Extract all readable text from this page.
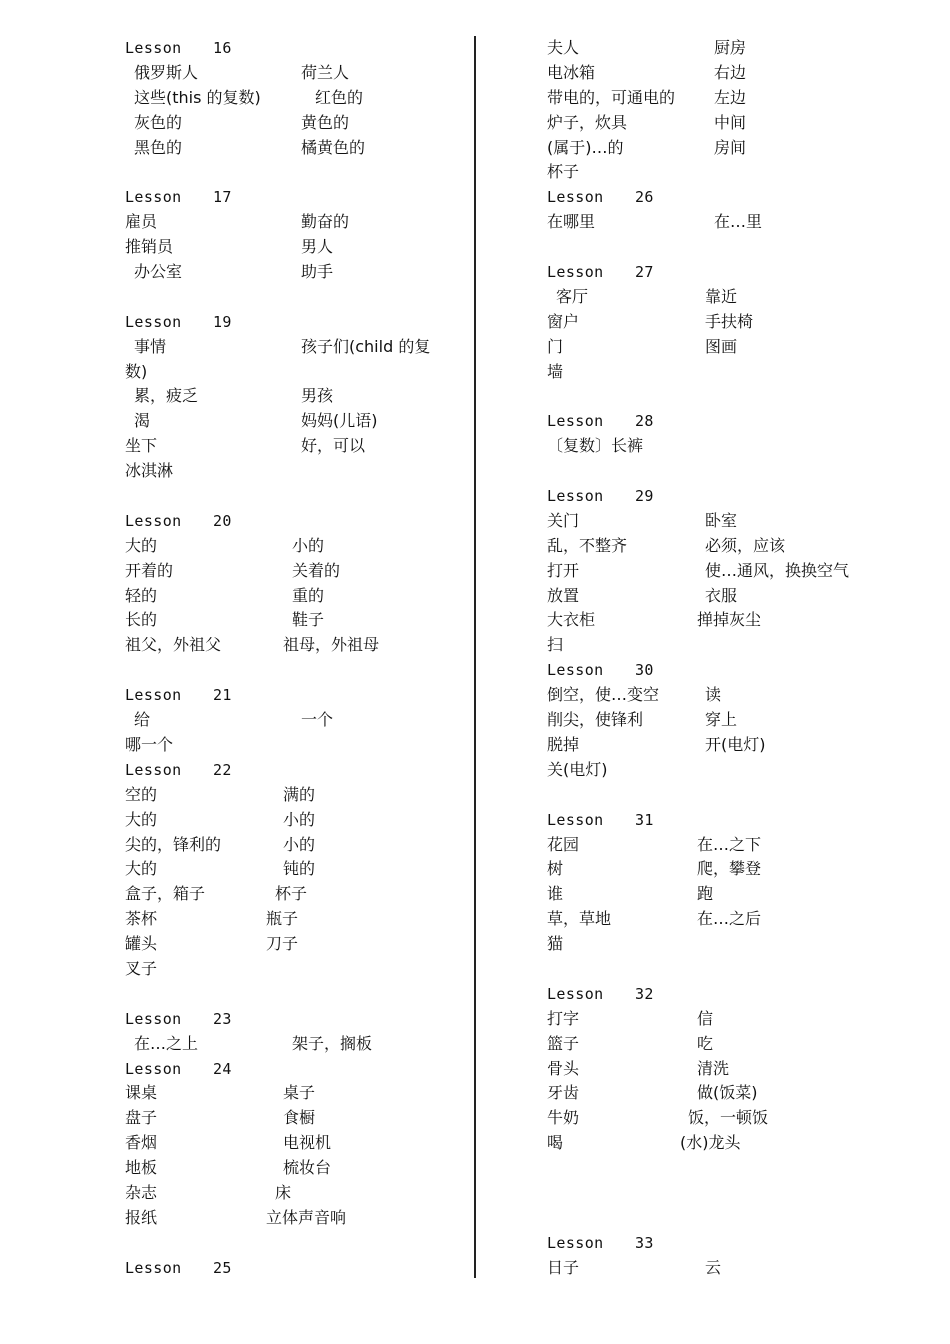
Lesson 16
俄罗斯人	荷兰人
这些(this 的复数)	红色的
灰色的	黄色的
黑色的	橘黄色的
Lesson 17
雇员	勤奋的
推销员	男人
办公室	助手
Lesson 19
事情	孩子们(child 的复
数)
累，疲乏	男孩
渴	妈妈(儿语)
坐下	好，可以
冰淇淋
Lesson 20
大的	小的
开着的	关着的
轻的	重的
长的	鞋子
祖父，外祖父	祖母，外祖母
Lesson 21
给	一个
哪一个
Lesson 22
空的	满的
大的	小的
尖的，锋利的	小的
大的	钝的
盒子，箱子	杯子
茶杯	瓶子
罐头	刀子
叉子
Lesson 23
在…之上	架子，搁板
Lesson 24
课桌	桌子
盘子	食橱
香烟	电视机
地板	梳妆台
杂志	床
报纸	立体声音响
Lesson 25
夫人	厨房
电冰箱	右边
带电的，可通电的 左边
炉子，炊具	中间
(属于)…的	房间
杯子
Lesson 26
在哪里	在…里
Lesson 27
客厅	靠近
窗户	手扶椅
门	图画
墙
Lesson 28
〔复数〕长裤
Lesson 29
关门	卧室
乱，不整齐	必须，应该
打开	使…通风，换换空气
放置	衣服
大衣柜	掸掉灰尘
扫
Lesson 30
倒空，使…变空	读
削尖，使锋利	穿上
脱掉	开(电灯)
关(电灯)
Lesson 31
花园	在…之下
树	爬，攀登
谁	跑
草，草地	在…之后
猫
Lesson 32
打字	信
篮子	吃
骨头	清洗
牙齿	做(饭菜)
牛奶	饭，一顿饭
喝	(水)龙头
Lesson 33
日子	云
